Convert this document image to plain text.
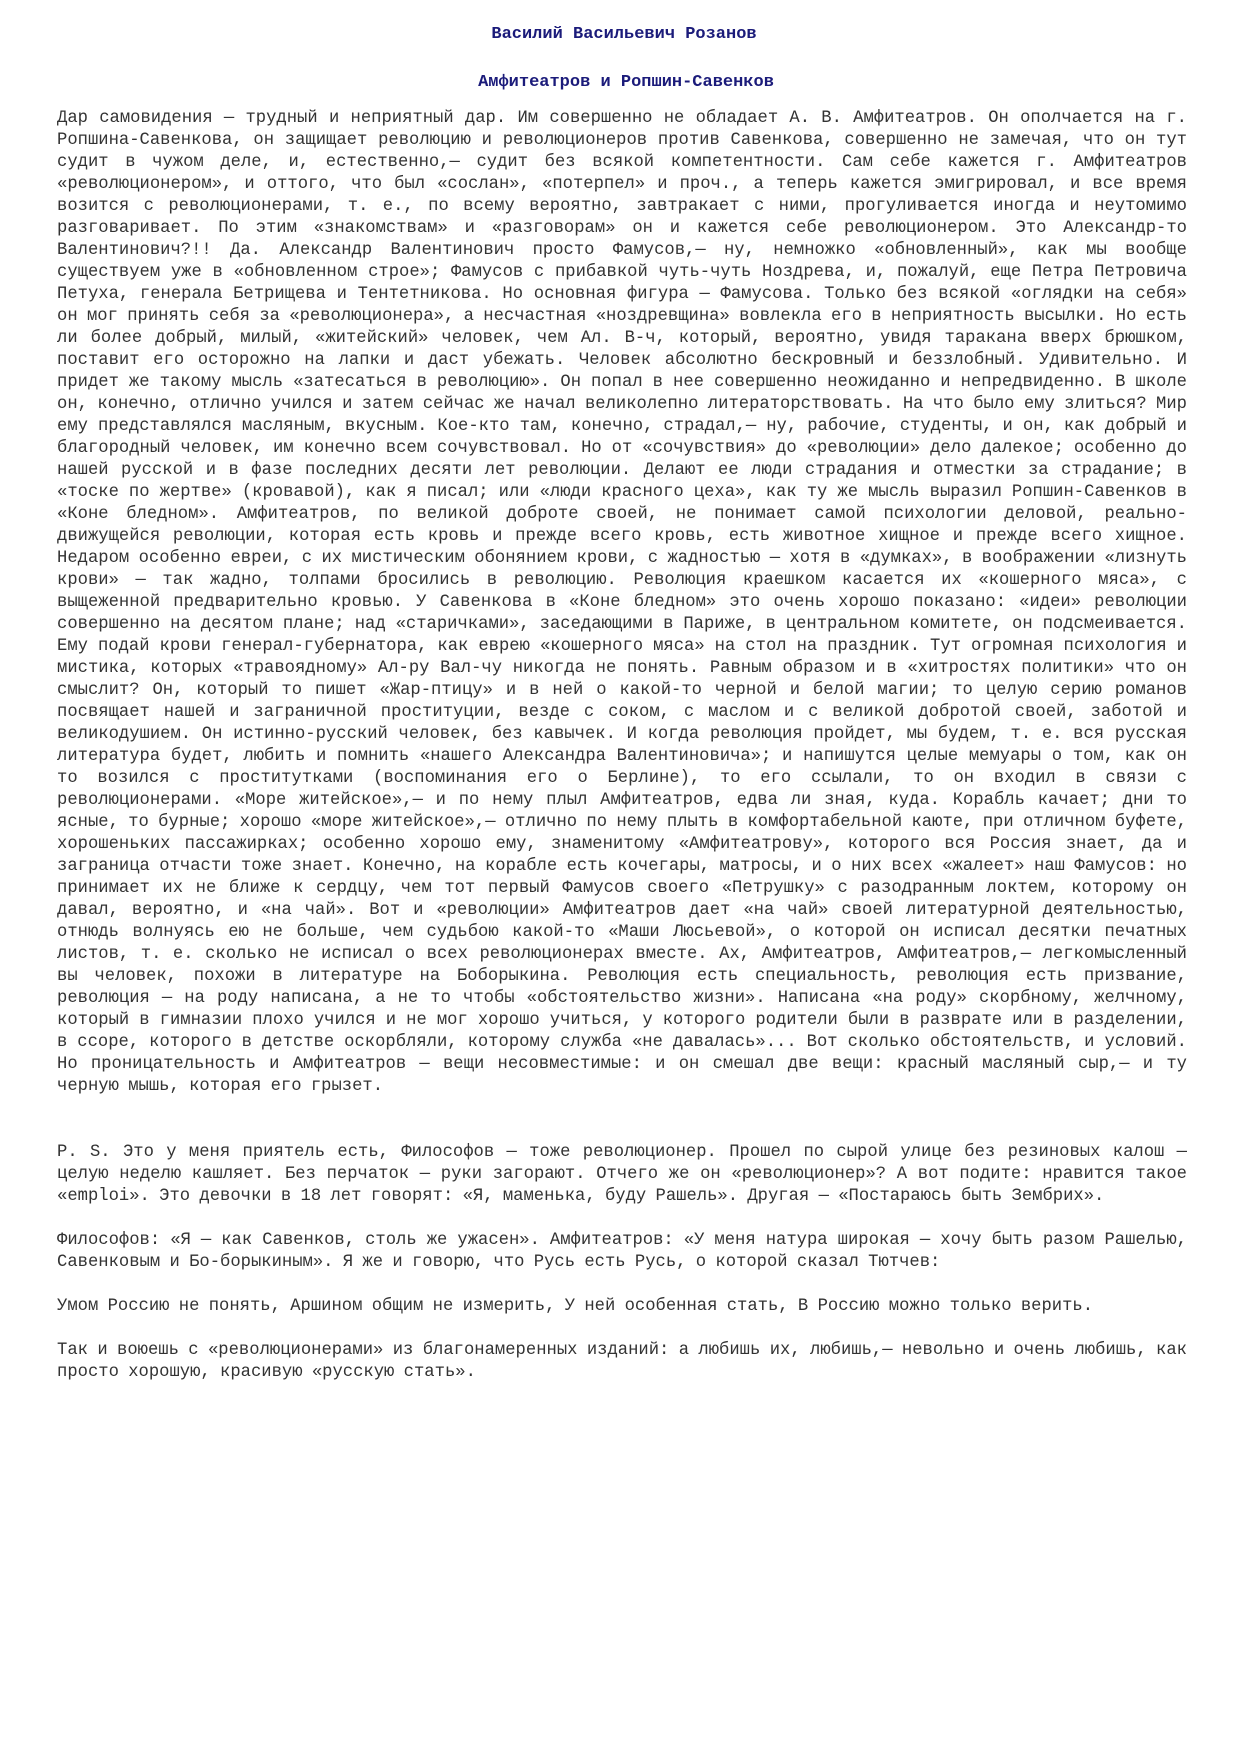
Василий Васильевич Розанов
Амфитеатров и Ропшин-Савенков

Дар самовидения — трудный и неприятный дар. Им совершенно не обладает А. В. Амфитеатров. Он ополчается на г. Ропшина-Савенкова, он защищает революцию и революционеров против Савенкова, совершенно не замечая, что он тут судит в чужом деле, и, естественно,— судит без всякой компетентности. Сам себе кажется г. Амфитеатров «революционером», и оттого, что был «сослан», «потерпел» и проч., а теперь кажется эмигрировал, и все время возится с революционерами, т. е., по всему вероятно, завтракает с ними, прогуливается иногда и неутомимо разговаривает. По этим «знакомствам» и «разговорам» он и кажется себе революционером. Это Александр-то Валентинович?!! Да. Александр Валентинович просто Фамусов,— ну, немножко «обновленный», как мы вообще существуем уже в «обновленном строе»; Фамусов с прибавкой чуть-чуть Ноздрева, и, пожалуй, еще Петра Петровича Петуха, генерала Бетрищева и Тентетникова. Но основная фигура — Фамусова. Только без всякой «оглядки на себя» он мог принять себя за «революционера», а несчастная «ноздревщина» вовлекла его в неприятность высылки. Но есть ли более добрый, милый, «житейский» человек, чем Ал. В-ч, который, вероятно, увидя таракана вверх брюшком, поставит его осторожно на лапки и даст убежать. Человек абсолютно бескровный и беззлобный. Удивительно. И придет же такому мысль «затесаться в революцию». Он попал в нее совершенно неожиданно и непредвиденно. В школе он, конечно, отлично учился и затем сейчас же начал великолепно литераторствовать. На что было ему злиться? Мир ему представлялся масляным, вкусным. Кое-кто там, конечно, страдал,— ну, рабочие, студенты, и он, как добрый и благородный человек, им конечно всем сочувствовал. Но от «сочувствия» до «революции» дело далекое; особенно до нашей русской и в фазе последних десяти лет революции. Делают ее люди страдания и отместки за страдание; в «тоске по жертве» (кровавой), как я писал; или «люди красного цеха», как ту же мысль выразил Ропшин-Савенков в «Коне бледном». Амфитеатров, по великой доброте своей, не понимает самой психологии деловой, реально-движущейся революции, которая есть кровь и прежде всего кровь, есть животное хищное и прежде всего хищное. Недаром особенно евреи, с их мистическим обонянием крови, с жадностью — хотя в «думках», в воображении «лизнуть крови» — так жадно, толпами бросились в революцию. Революция краешком касается их «кошерного мяса», с выщеженной предварительно кровью. У Савенкова в «Коне бледном» это очень хорошо показано: «идеи» революции совершенно на десятом плане; над «старичками», заседающими в Париже, в центральном комитете, он подсмеивается. Ему подай крови генерал-губернатора, как еврею «кошерного мяса» на стол на праздник. Тут огромная психология и мистика, которых «травоядному» Ал-ру Вал-чу никогда не понять. Равным образом и в «хитростях политики» что он смыслит? Он, который то пишет «Жар-птицу» и в ней о какой-то черной и белой магии; то целую серию романов посвящает нашей и заграничной проституции, везде с соком, с маслом и с великой добротой своей, заботой и великодушием. Он истинно-русский человек, без кавычек. И когда революция пройдет, мы будем, т. е. вся русская литература будет, любить и помнить «нашего Александра Валентиновича»; и напишутся целые мемуары о том, как он то возился с проститутками (воспоминания его о Берлине), то его ссылали, то он входил в связи с революционерами. «Море житейское»,— и по нему плыл Амфитеатров, едва ли зная, куда. Корабль качает; дни то ясные, то бурные; хорошо «море житейское»,— отлично по нему плыть в комфортабельной каюте, при отличном буфете, хорошеньких пассажирках; особенно хорошо ему, знаменитому «Амфитеатрову», которого вся Россия знает, да и заграница отчасти тоже знает. Конечно, на корабле есть кочегары, матросы, и о них всех «жалеет» наш Фамусов: но принимает их не ближе к сердцу, чем тот первый Фамусов своего «Петрушку» с разодранным локтем, которому он давал, вероятно, и «на чай». Вот и «революции» Амфитеатров дает «на чай» своей литературной деятельностью, отнюдь волнуясь ею не больше, чем судьбою какой-то «Маши Люсьевой», о которой он исписал десятки печатных листов, т. е. сколько не исписал о всех революционерах вместе. Ах, Амфитеатров, Амфитеатров,— легкомысленный вы человек, похожи в литературе на Боборыкина. Революция есть специальность, революция есть призвание, революция — на роду написана, а не то чтобы «обстоятельство жизни». Написана «на роду» скорбному, желчному, который в гимназии плохо учился и не мог хорошо учиться, у которого родители были в разврате или в разделении, в ссоре, которого в детстве оскорбляли, которому служба «не давалась»... Вот сколько обстоятельств, и условий. Но проницательность и Амфитеатров — вещи несовместимые: и он смешал две вещи: красный масляный сыр,— и ту черную мышь, которая его грызет.

P. S. Это у меня приятель есть, Философов — тоже революционер. Прошел по сырой улице без резиновых калош — целую неделю кашляет. Без перчаток — руки загорают. Отчего же он «революционер»? А вот подите: нравится такое «emploi». Это девочки в 18 лет говорят: «Я, маменька, буду Рашель». Другая — «Постараюсь быть Зембрих».

Философов: «Я — как Савенков, столь же ужасен». Амфитеатров: «У меня натура широкая — хочу быть разом Рашелью, Савенковым и Бо-борыкиным». Я же и говорю, что Русь есть Русь, о которой сказал Тютчев:

Умом Россию не понять, Аршином общим не измерить, У ней особенная стать, В Россию можно только верить.

Так и воюешь с «революционерами» из благонамеренных изданий: а любишь их, любишь,— невольно и очень любишь, как просто хорошую, красивую «русскую стать».
